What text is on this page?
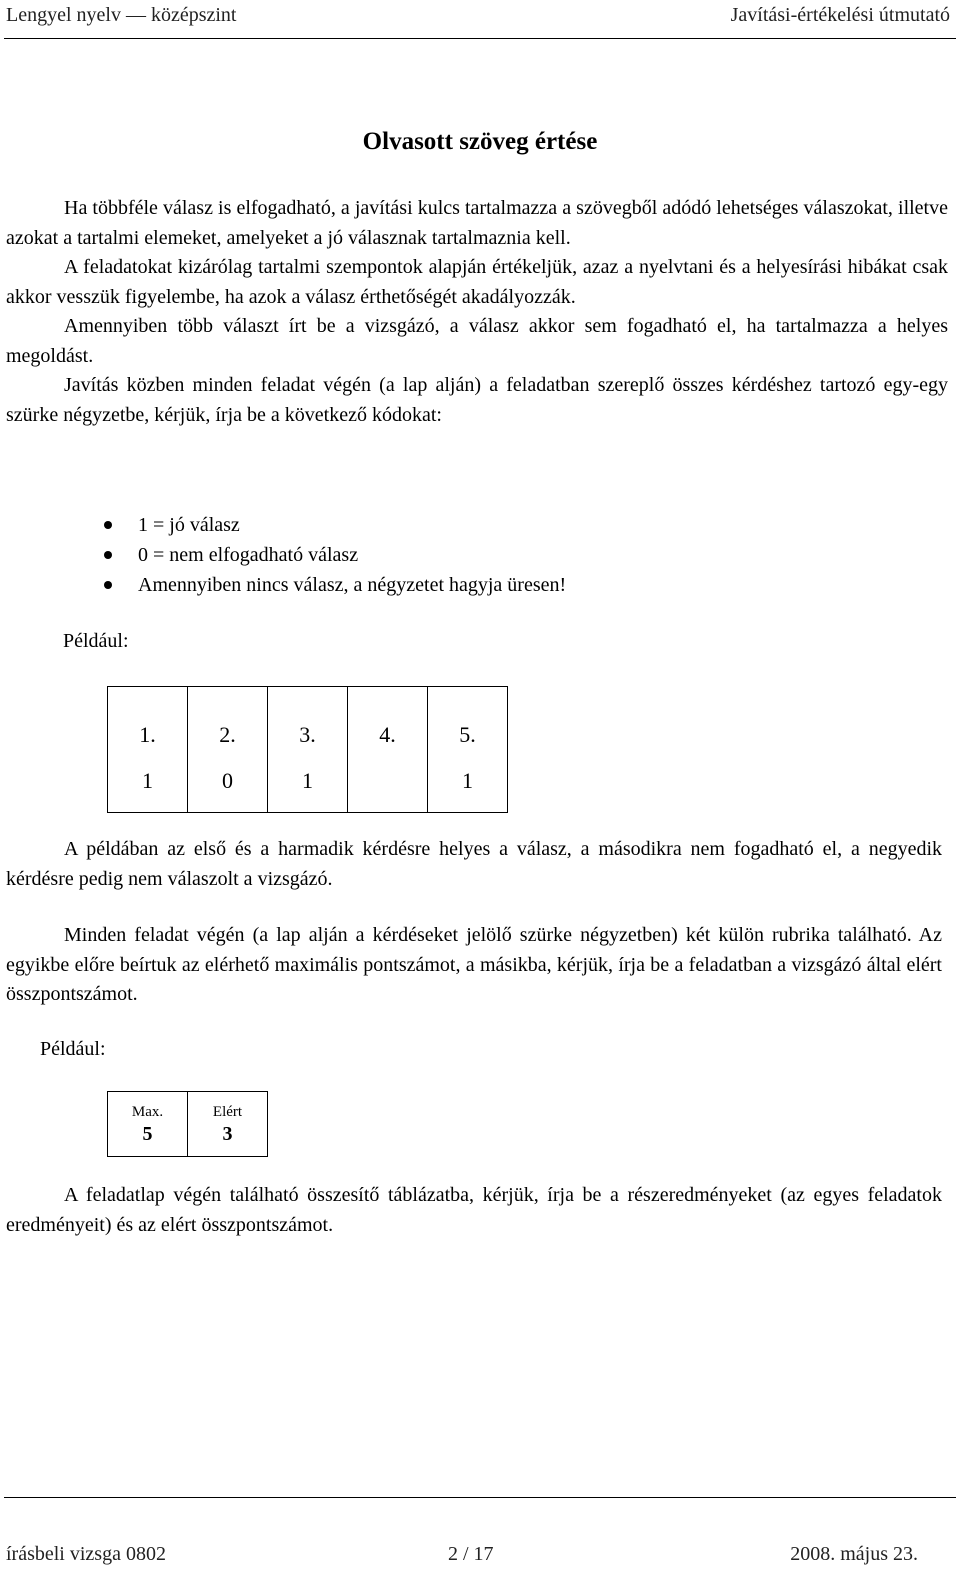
Lengyel nyelv — középszint	Javítási-értékelési útmutató
Olvasott szöveg értése

Ha többféle válasz is elfogadható, a javítási kulcs tartalmazza a szövegből adódó lehetséges válaszokat, illetve azokat a tartalmi elemeket, amelyeket a jó válasznak tartalmaznia kell.

A feladatokat kizárólag tartalmi szempontok alapján értékeljük, azaz a nyelvtani és a helyesírási hibákat csak akkor vesszük figyelembe, ha azok a válasz érthetőségét akadályozzák.

Amennyiben több választ írt be a vizsgázó, a válasz akkor sem fogadható el, ha tartalmazza a helyes megoldást.

Javítás közben minden feladat végén (a lap alján) a feladatban szereplő összes kérdéshez tartozó egy-egy szürke négyzetbe, kérjük, írja be a következő kódokat:

1 = jó válasz
0 = nem elfogadható válasz
Amennyiben nincs válasz, a négyzetet hagyja üresen!
Például:
1.	2.	3.	4.	5.
1	0	1		1

A példában az első és a harmadik kérdésre helyes a válasz, a másodikra nem fogadható el, a negyedik kérdésre pedig nem válaszolt a vizsgázó.

Minden feladat végén (a lap alján a kérdéseket jelölő szürke négyzetben) két külön rubrika található. Az egyikbe előre beírtuk az elérhető maximális pontszámot, a másikba, kérjük, írja be a feladatban a vizsgázó által elért összpontszámot.

Például:
Max.	Elért
5	3

A feladatlap végén található összesítő táblázatba, kérjük, írja be a részeredményeket (az egyes feladatok eredményeit) és az elért összpontszámot.

írásbeli vizsga 0802	2 / 17	2008. május 23.
